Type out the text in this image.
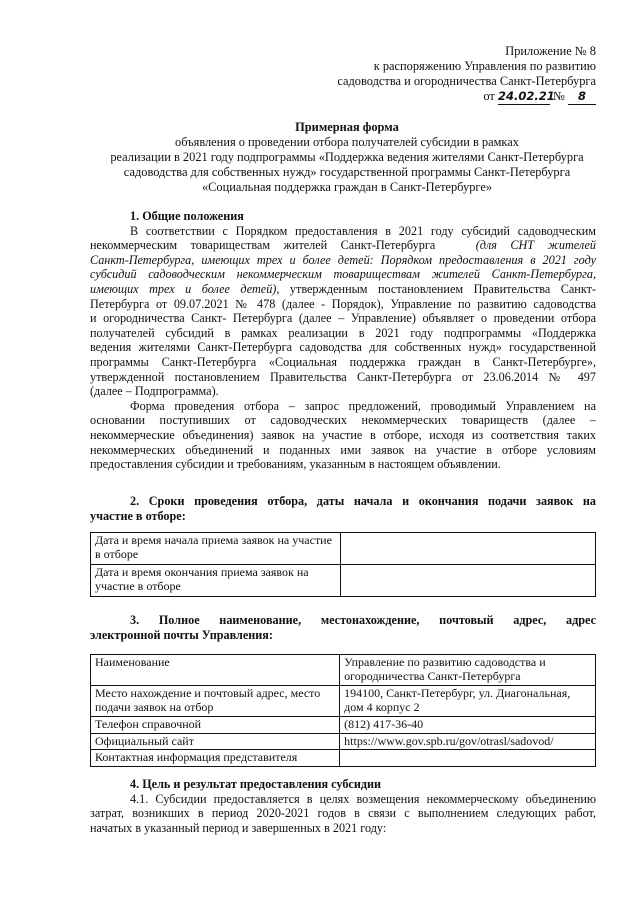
Приложение № 8
к распоряжению Управления по развитию
садоводства и огородничества Санкт-Петербурга
от 24.02.21 № 8
Примерная форма
объявления о проведении отбора получателей субсидии в рамках
реализации в 2021 году подпрограммы «Поддержка ведения жителями Санкт-Петербурга
садоводства для собственных нужд» государственной программы Санкт-Петербурга
«Социальная поддержка граждан в Санкт-Петербурге»
1. Общие положения
В соответствии с Порядком предоставления в 2021 году субсидий садоводческим
некоммерческим товариществам жителей Санкт-Петербурга	(для СНТ жителей
Санкт-Петербурга, имеющих трех и более детей: Порядком предоставления в 2021 году
субсидий садоводческим некоммерческим товариществам жителей Санкт-Петербурга,
имеющих трех и более детей), утвержденным постановлением Правительства Санкт-
Петербурга от 09.07.2021 № 478 (далее - Порядок), Управление по развитию садоводства
и огородничества Санкт- Петербурга (далее – Управление) объявляет о проведении отбора
получателей субсидий в рамках реализации в 2021 году подпрограммы «Поддержка
ведения жителями Санкт-Петербурга садоводства для собственных нужд» государственной
программы Санкт-Петербурга «Социальная поддержка граждан в Санкт-Петербурге»,
утвержденной постановлением Правительства Санкт-Петербурга от 23.06.2014 № 497
(далее – Подпрограмма).
Форма проведения отбора – запрос предложений, проводимый Управлением на
основании поступивших от садоводческих некоммерческих товариществ (далее –
некоммерческие объединения) заявок на участие в отборе, исходя из соответствия таких
некоммерческих объединений и поданных ими заявок на участие в отборе условиям
предоставления субсидии и требованиям, указанным в настоящем объявлении.
2. Сроки проведения отбора, даты начала и окончания подачи заявок на
участие в отборе:
Дата и время начала приема заявок на участие в отборе	
Дата и время окончания приема заявок на участие в отборе	
3. Полное наименование, местонахождение, почтовый адрес, адрес
электронной почты Управления:
Наименование	Управление по развитию садоводства и огородничества Санкт-Петербурга
Место нахождение и почтовый адрес, место подачи заявок на отбор	194100, Санкт-Петербург, ул. Диагональная, дом 4 корпус 2
Телефон справочной	(812) 417-36-40
Официальный сайт	https://www.gov.spb.ru/gov/otrasl/sadovod/
Контактная информация представителя	
4. Цель и результат предоставления субсидии
4.1. Субсидии предоставляется в целях возмещения некоммерческому объединению
затрат, возникших в период 2020-2021 годов в связи с выполнением следующих работ,
начатых в указанный период и завершенных в 2021 году:
